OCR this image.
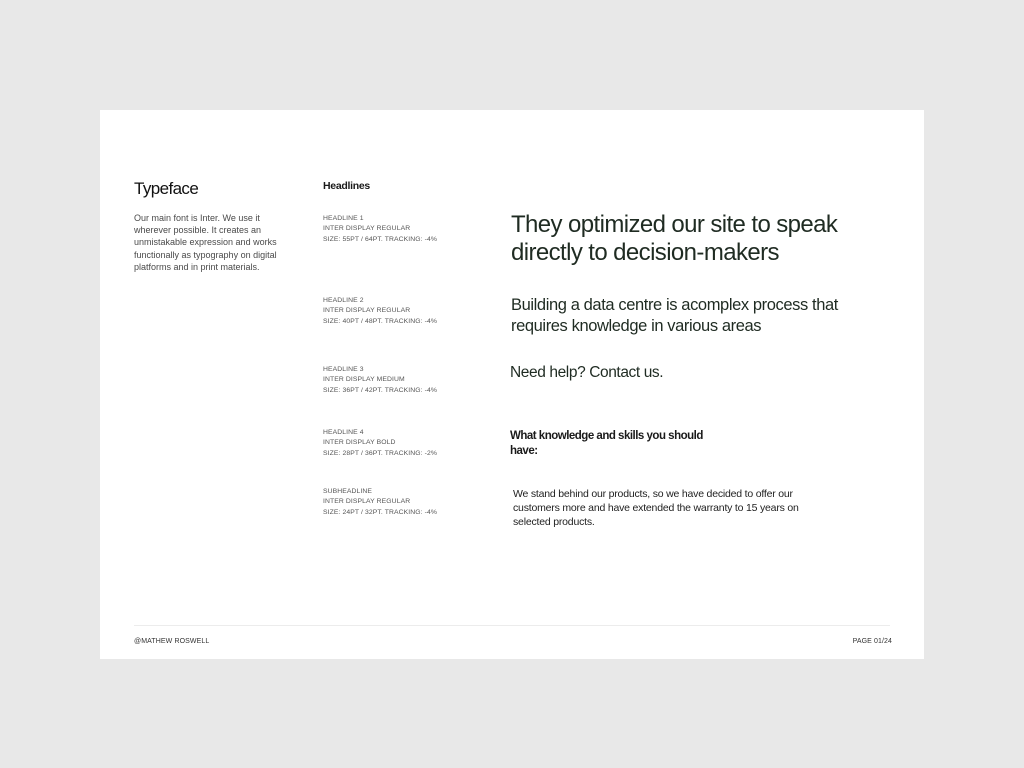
Typeface

Our main font is Inter. We use it wherever possible. It creates an unmistakable expression and works functionally as typography on digital platforms and in print materials.

Headlines
HEADLINE 1
INTER DISPLAY REGULAR
SIZE: 55PT / 64PT. TRACKING: -4%

They optimized our site to speak directly to decision-makers

HEADLINE 2
INTER DISPLAY REGULAR
SIZE: 40PT / 48PT. TRACKING: -4%

Building a data centre is acomplex process that requires knowledge in various areas

HEADLINE 3
INTER DISPLAY MEDIUM
SIZE: 36PT / 42PT. TRACKING: -4%

Need help? Contact us.

HEADLINE 4
INTER DISPLAY BOLD
SIZE: 28PT / 36PT. TRACKING: -2%

What knowledge and skills you should have:

SUBHEADLINE
INTER DISPLAY REGULAR
SIZE: 24PT / 32PT. TRACKING: -4%

We stand behind our products, so we have decided to offer our customers more and have extended the warranty to 15 years on selected products.

@MATHEW ROSWELL	PAGE 01/24
